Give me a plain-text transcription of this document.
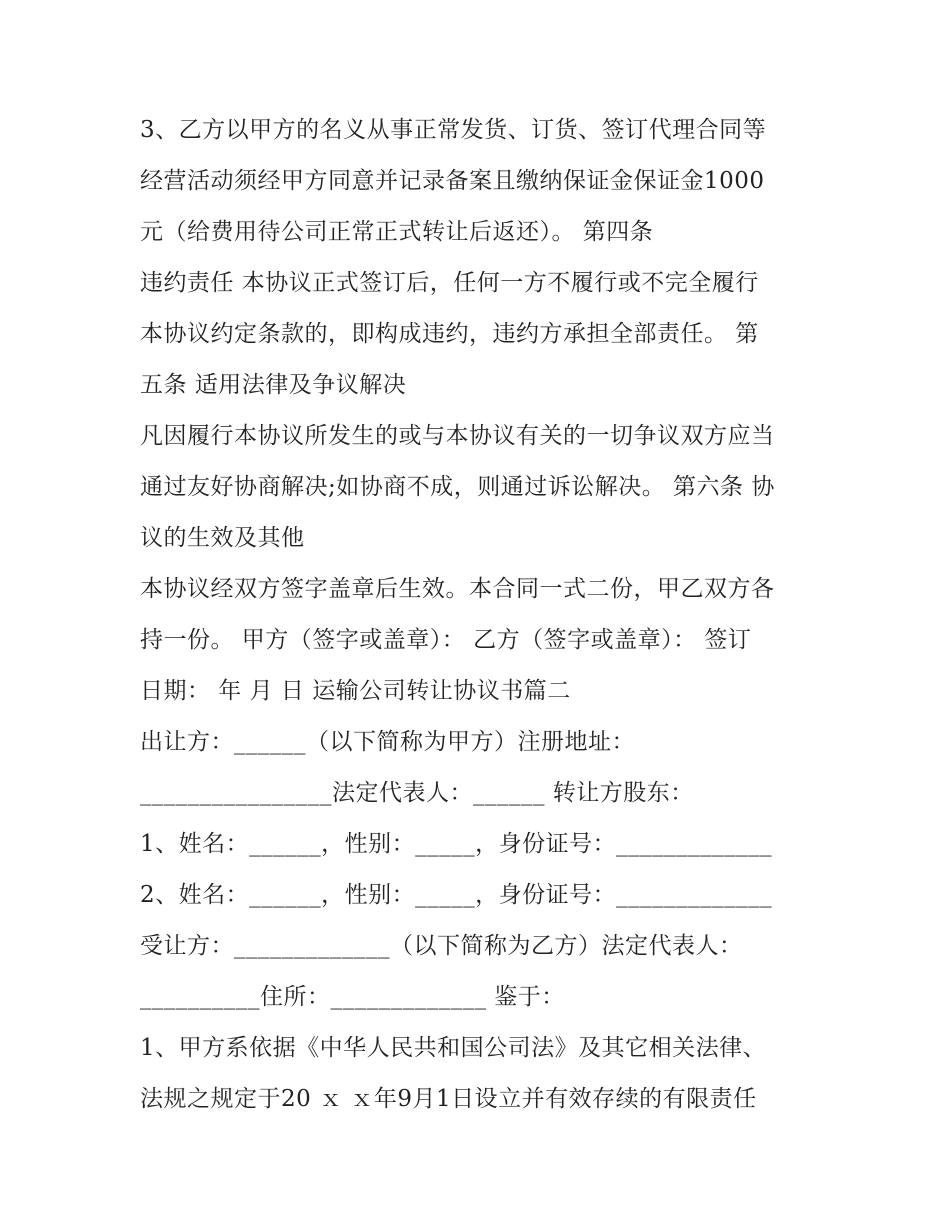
3、乙方以甲方的名义从事正常发货、订货、签订代理合同等
经营活动须经甲方同意并记录备案且缴纳保证金保证金1000
元（给费用待公司正常正式转让后返还）。 第四条
违约责任 本协议正式签订后，任何一方不履行或不完全履行
本协议约定条款的，即构成违约，违约方承担全部责任。 第
五条 适用法律及争议解决
凡因履行本协议所发生的或与本协议有关的一切争议双方应当
通过友好协商解决;如协商不成，则通过诉讼解决。 第六条 协
议的生效及其他
本协议经双方签字盖章后生效。本合同一式二份，甲乙双方各
持一份。 甲方（签字或盖章）： 乙方（签字或盖章）： 签订
日期： 年 月 日 运输公司转让协议书篇二
出让方：______（以下简称为甲方）注册地址：
________________法定代表人：______ 转让方股东：
1、姓名：______，性别：_____，身份证号：_____________
2、姓名：______，性别：_____，身份证号：_____________
受让方：_____________（以下简称为乙方）法定代表人：
__________住所：_____________ 鉴于：
1、甲方系依据《中华人民共和国公司法》及其它相关法律、
法规之规定于20 ｘ ｘ年9月1日设立并有效存续的有限责任
